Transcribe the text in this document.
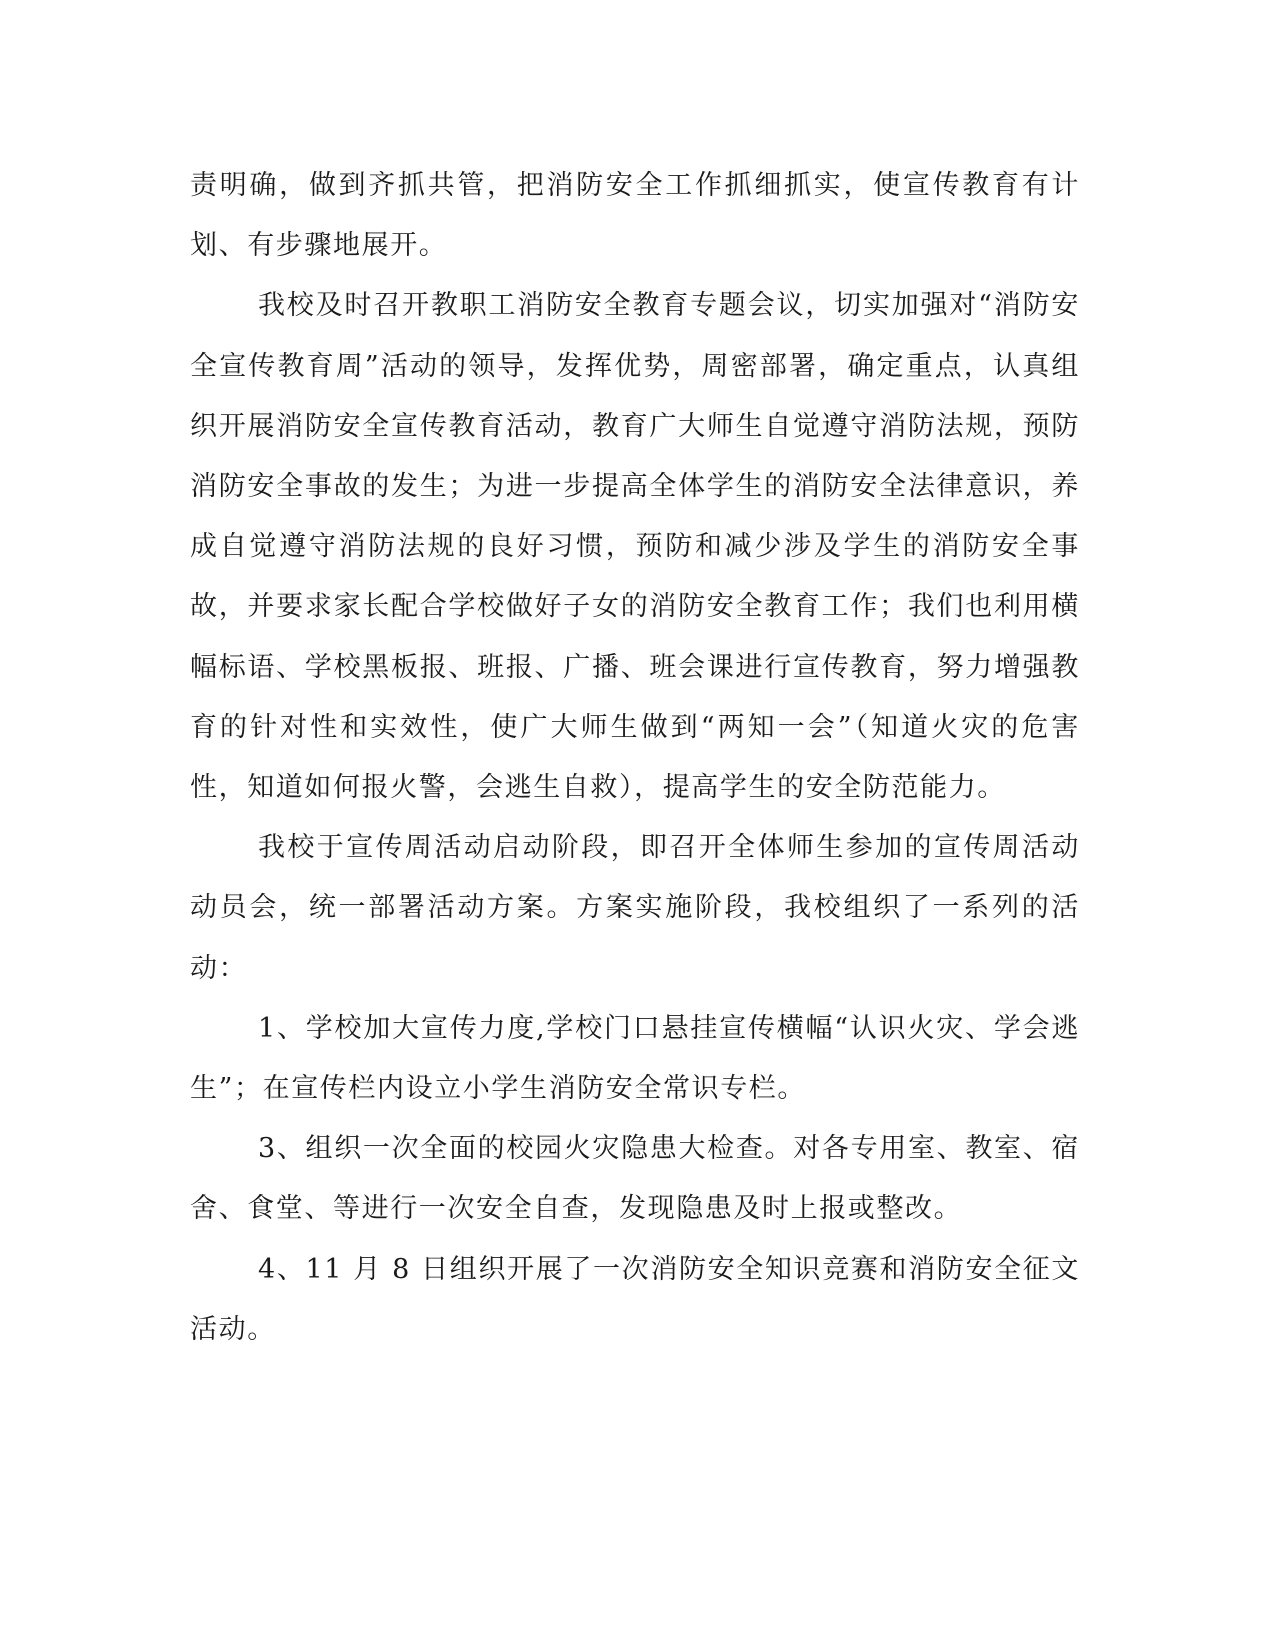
责明确，做到齐抓共管，把消防安全工作抓细抓实，使宣传教育有计划、有步骤地展开。

我校及时召开教职工消防安全教育专题会议，切实加强对“消防安全宣传教育周”活动的领导，发挥优势，周密部署，确定重点，认真组织开展消防安全宣传教育活动，教育广大师生自觉遵守消防法规，预防消防安全事故的发生；为进一步提高全体学生的消防安全法律意识，养成自觉遵守消防法规的良好习惯，预防和减少涉及学生的消防安全事故，并要求家长配合学校做好子女的消防安全教育工作；我们也利用横幅标语、学校黑板报、班报、广播、班会课进行宣传教育，努力增强教育的针对性和实效性，使广大师生做到“两知一会”（知道火灾的危害性，知道如何报火警，会逃生自救），提高学生的安全防范能力。

我校于宣传周活动启动阶段，即召开全体师生参加的宣传周活动动员会，统一部署活动方案。方案实施阶段，我校组织了一系列的活动：

1、学校加大宣传力度,学校门口悬挂宣传横幅“认识火灾、学会逃生”；在宣传栏内设立小学生消防安全常识专栏。

3、组织一次全面的校园火灾隐患大检查。对各专用室、教室、宿舍、食堂、等进行一次安全自查，发现隐患及时上报或整改。

4、11 月 8 日组织开展了一次消防安全知识竞赛和消防安全征文活动。
